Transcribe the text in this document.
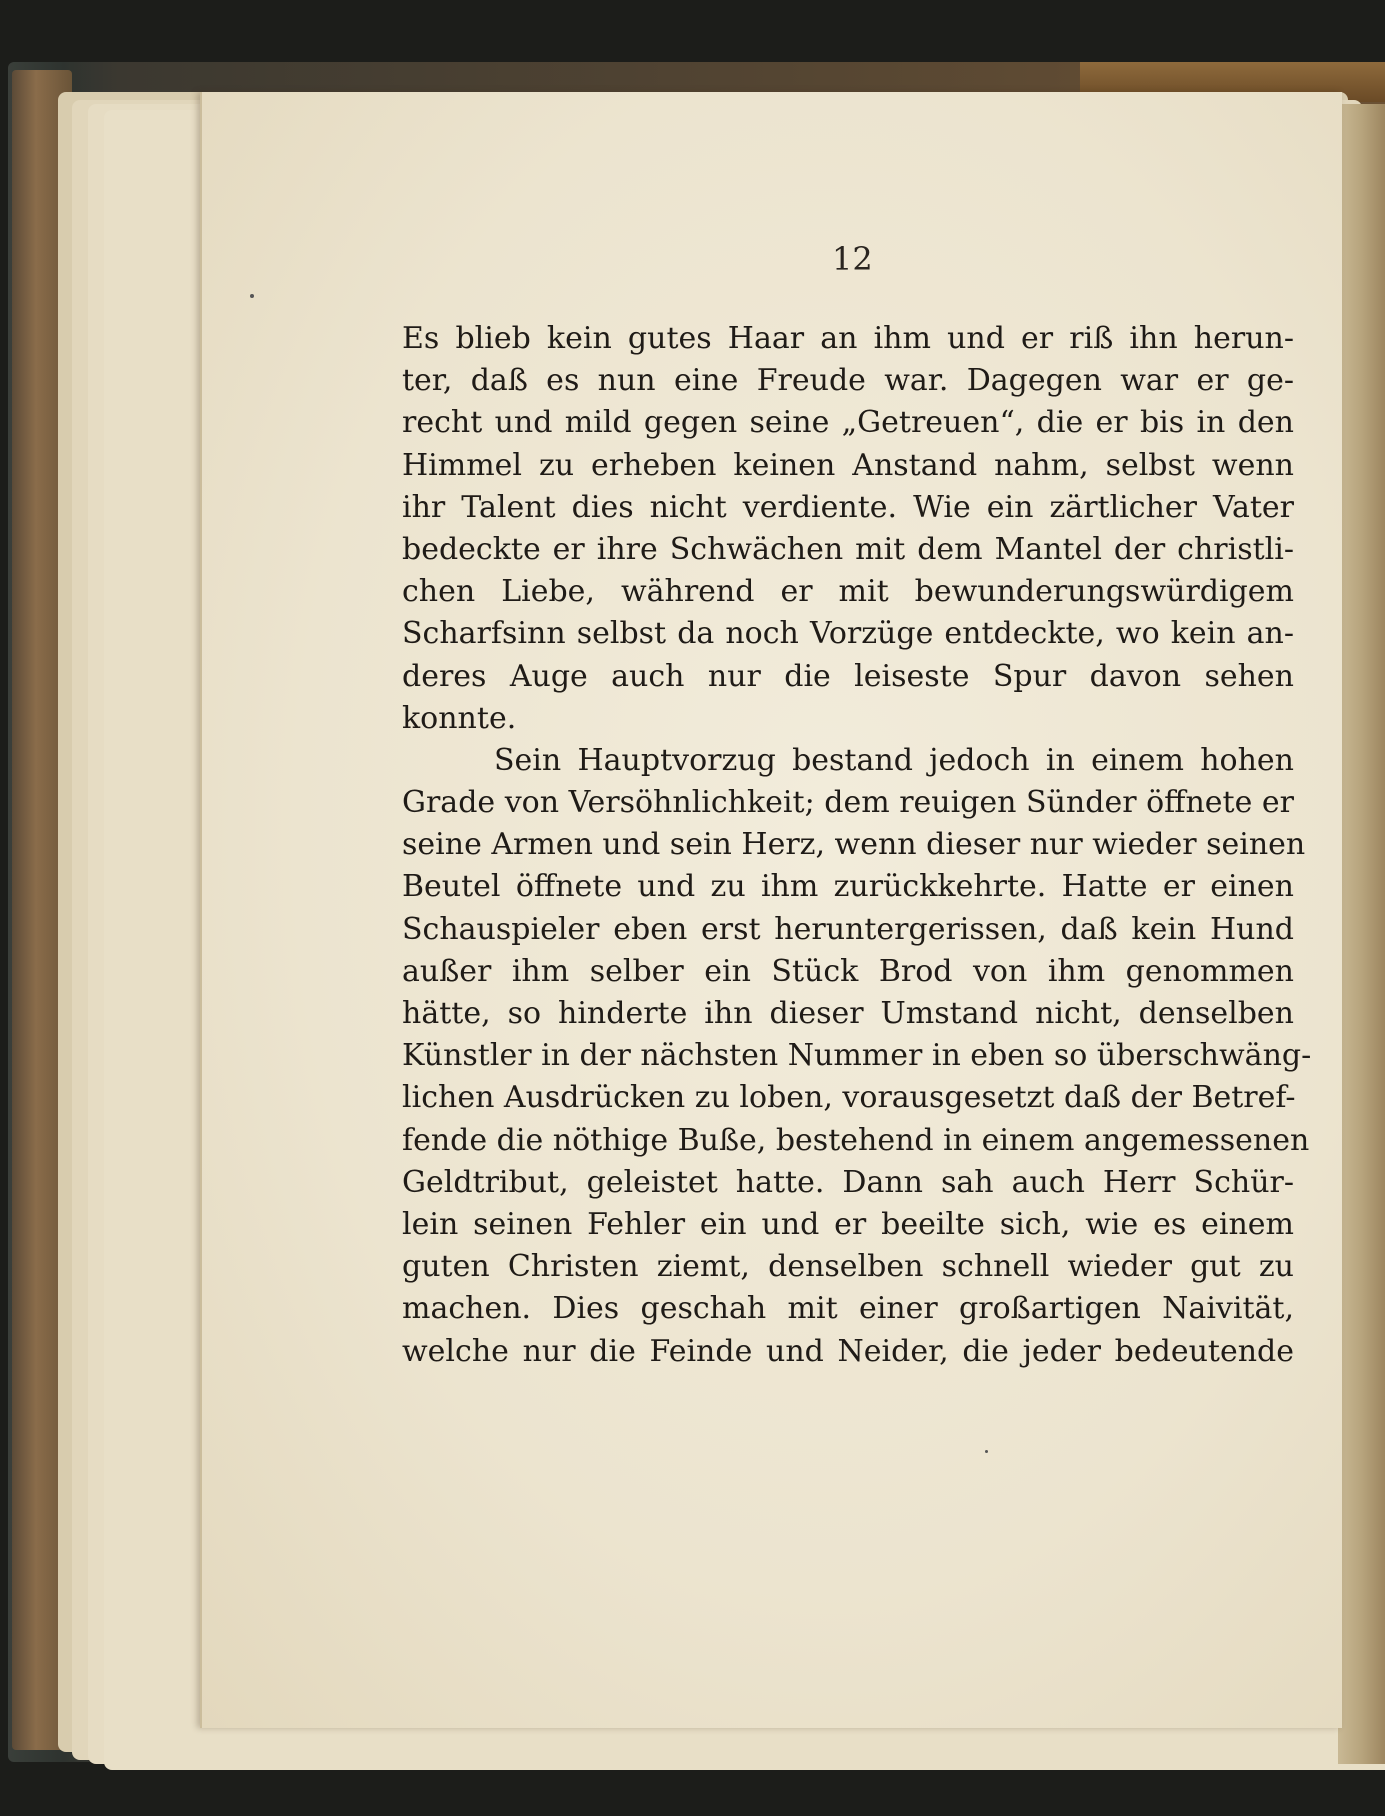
12
Es blieb kein gutes Haar an ihm und er riß ihn herun-
ter, daß es nun eine Freude war. Dagegen war er ge-
recht und mild gegen seine „Getreuen“, die er bis in den
Himmel zu erheben keinen Anstand nahm, selbst wenn
ihr Talent dies nicht verdiente. Wie ein zärtlicher Vater
bedeckte er ihre Schwächen mit dem Mantel der christli-
chen Liebe, während er mit bewunderungswürdigem
Scharfsinn selbst da noch Vorzüge entdeckte, wo kein an-
deres Auge auch nur die leiseste Spur davon sehen
konnte.
Sein Hauptvorzug bestand jedoch in einem hohen
Grade von Versöhnlichkeit; dem reuigen Sünder öffnete er
seine Armen und sein Herz, wenn dieser nur wieder seinen
Beutel öffnete und zu ihm zurückkehrte. Hatte er einen
Schauspieler eben erst heruntergerissen, daß kein Hund
außer ihm selber ein Stück Brod von ihm genommen
hätte, so hinderte ihn dieser Umstand nicht, denselben
Künstler in der nächsten Nummer in eben so überschwäng-
lichen Ausdrücken zu loben, vorausgesetzt daß der Betref-
fende die nöthige Buße, bestehend in einem angemessenen
Geldtribut, geleistet hatte. Dann sah auch Herr Schür-
lein seinen Fehler ein und er beeilte sich, wie es einem
guten Christen ziemt, denselben schnell wieder gut zu
machen. Dies geschah mit einer großartigen Naivität,
welche nur die Feinde und Neider, die jeder bedeutende
